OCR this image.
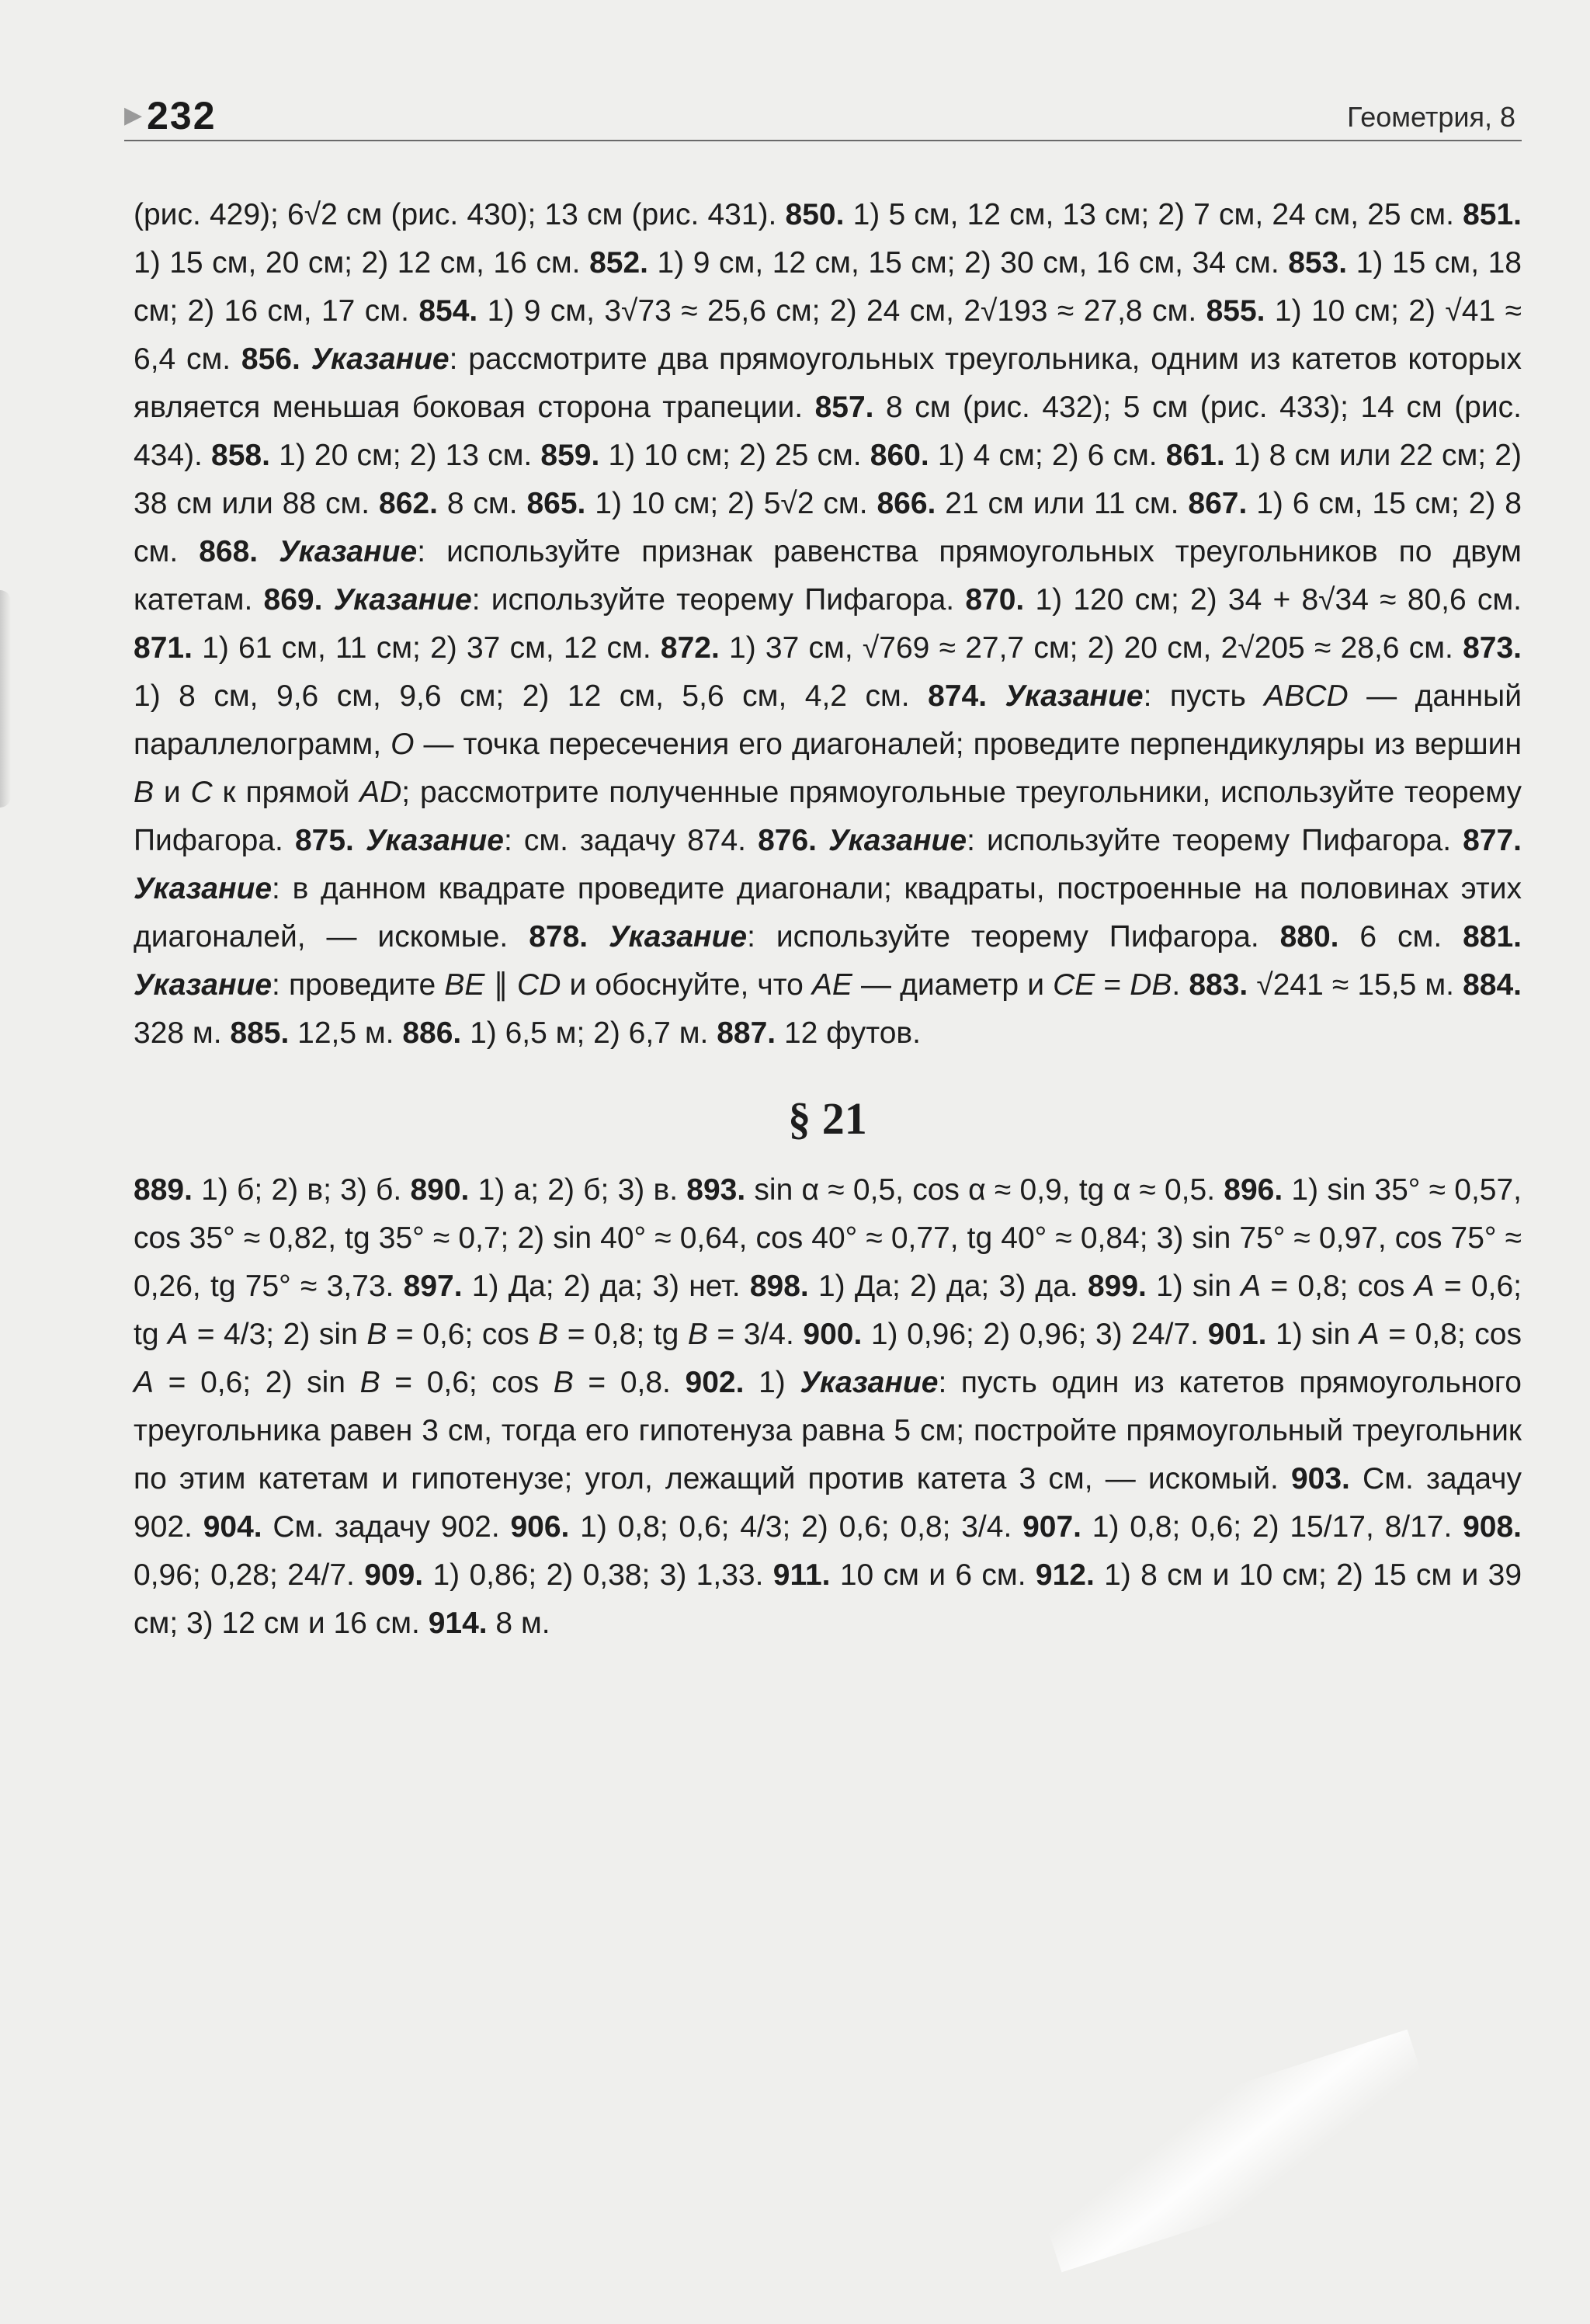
▶ 232	Геометрия, 8

(рис. 429); 6√2 см (рис. 430); 13 см (рис. 431). 850. 1) 5 см, 12 см, 13 см; 2) 7 см, 24 см, 25 см. 851. 1) 15 см, 20 см; 2) 12 см, 16 см. 852. 1) 9 см, 12 см, 15 см; 2) 30 см, 16 см, 34 см. 853. 1) 15 см, 18 см; 2) 16 см, 17 см. 854. 1) 9 см, 3√73 ≈ 25,6 см; 2) 24 см, 2√193 ≈ 27,8 см. 855. 1) 10 см; 2) √41 ≈ 6,4 см. 856. Указание: рассмотрите два прямоугольных треугольника, одним из катетов которых является меньшая боковая сторона трапеции. 857. 8 см (рис. 432); 5 см (рис. 433); 14 см (рис. 434). 858. 1) 20 см; 2) 13 см. 859. 1) 10 см; 2) 25 см. 860. 1) 4 см; 2) 6 см. 861. 1) 8 см или 22 см; 2) 38 см или 88 см. 862. 8 см. 865. 1) 10 см; 2) 5√2 см. 866. 21 см или 11 см. 867. 1) 6 см, 15 см; 2) 8 см. 868. Указание: используйте признак равенства прямоугольных треугольников по двум катетам. 869. Указание: используйте теорему Пифагора. 870. 1) 120 см; 2) 34 + 8√34 ≈ 80,6 см. 871. 1) 61 см, 11 см; 2) 37 см, 12 см. 872. 1) 37 см, √769 ≈ 27,7 см; 2) 20 см, 2√205 ≈ 28,6 см. 873. 1) 8 см, 9,6 см, 9,6 см; 2) 12 см, 5,6 см, 4,2 см. 874. Указание: пусть ABCD — данный параллелограмм, O — точка пересечения его диагоналей; проведите перпендикуляры из вершин B и C к прямой AD; рассмотрите полученные прямоугольные треугольники, используйте теорему Пифагора. 875. Указание: см. задачу 874. 876. Указание: используйте теорему Пифагора. 877. Указание: в данном квадрате проведите диагонали; квадраты, построенные на половинах этих диагоналей, — искомые. 878. Указание: используйте теорему Пифагора. 880. 6 см. 881. Указание: проведите BE ∥ CD и обоснуйте, что AE — диаметр и CE = DB. 883. √241 ≈ 15,5 м. 884. 328 м. 885. 12,5 м. 886. 1) 6,5 м; 2) 6,7 м. 887. 12 футов.

§ 21

889. 1) б; 2) в; 3) б. 890. 1) а; 2) б; 3) в. 893. sin α ≈ 0,5, cos α ≈ 0,9, tg α ≈ 0,5. 896. 1) sin 35° ≈ 0,57, cos 35° ≈ 0,82, tg 35° ≈ 0,7; 2) sin 40° ≈ 0,64, cos 40° ≈ 0,77, tg 40° ≈ 0,84; 3) sin 75° ≈ 0,97, cos 75° ≈ 0,26, tg 75° ≈ 3,73. 897. 1) Да; 2) да; 3) нет. 898. 1) Да; 2) да; 3) да. 899. 1) sin A = 0,8; cos A = 0,6; tg A = 4/3; 2) sin B = 0,6; cos B = 0,8; tg B = 3/4. 900. 1) 0,96; 2) 0,96; 3) 24/7. 901. 1) sin A = 0,8; cos A = 0,6; 2) sin B = 0,6; cos B = 0,8. 902. 1) Указание: пусть один из катетов прямоугольного треугольника равен 3 см, тогда его гипотенуза равна 5 см; постройте прямоугольный треугольник по этим катетам и гипотенузе; угол, лежащий против катета 3 см, — искомый. 903. См. задачу 902. 904. См. задачу 902. 906. 1) 0,8; 0,6; 4/3; 2) 0,6; 0,8; 3/4. 907. 1) 0,8; 0,6; 2) 15/17, 8/17. 908. 0,96; 0,28; 24/7. 909. 1) 0,86; 2) 0,38; 3) 1,33. 911. 10 см и 6 см. 912. 1) 8 см и 10 см; 2) 15 см и 39 см; 3) 12 см и 16 см. 914. 8 м.
